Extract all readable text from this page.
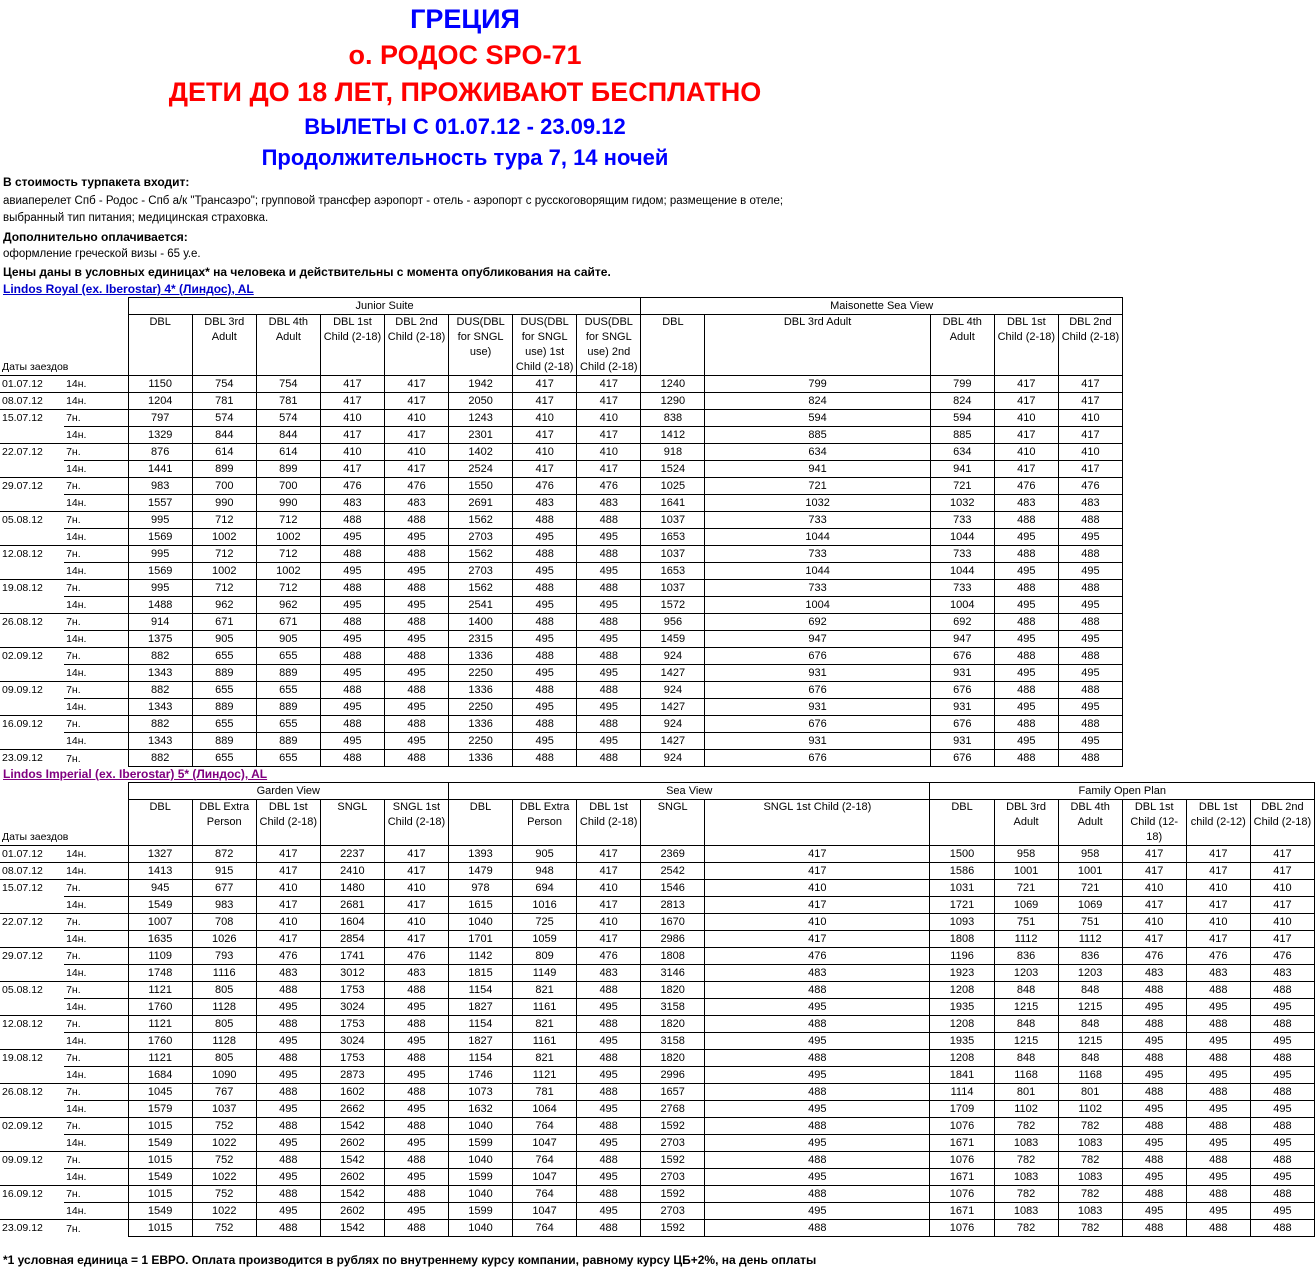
ГРЕЦИЯ
о. РОДОС SPO-71
ДЕТИ ДО 18 ЛЕТ, ПРОЖИВАЮТ БЕСПЛАТНО
ВЫЛЕТЫ С 01.07.12 - 23.09.12
Продолжительность тура 7, 14 ночей
В стоимость турпакета входит:
авиаперелет Спб - Родос - Спб а/к "Трансаэро"; групповой трансфер аэропорт - отель - аэропорт с русскоговорящим гидом; размещение в отеле;
выбранный тип питания; медицинская страховка.
Дополнительно оплачивается:
оформление греческой визы - 65 у.е.
Цены даны в условных единицах* на человека и действительны с момента опубликования на сайте.
Lindos Royal (ex. Iberostar) 4* (Линдос), AL
		Junior Suite								Maisonette Sea View				
Даты заездов		DBL	DBL 3rd Adult	DBL 4th Adult	DBL 1st Child (2-18)	DBL 2nd Child (2-18)	DUS(DBL for SNGL use)	DUS(DBL for SNGL use) 1st Child (2-18)	DUS(DBL for SNGL use) 2nd Child (2-18)	DBL	DBL 3rd Adult	DBL 4th Adult	DBL 1st Child (2-18)	DBL 2nd Child (2-18)
01.07.12	14н.	1150	754	754	417	417	1942	417	417	1240	799	799	417	417
08.07.12	14н.	1204	781	781	417	417	2050	417	417	1290	824	824	417	417
15.07.12	7н.	797	574	574	410	410	1243	410	410	838	594	594	410	410
	14н.	1329	844	844	417	417	2301	417	417	1412	885	885	417	417
22.07.12	7н.	876	614	614	410	410	1402	410	410	918	634	634	410	410
	14н.	1441	899	899	417	417	2524	417	417	1524	941	941	417	417
29.07.12	7н.	983	700	700	476	476	1550	476	476	1025	721	721	476	476
	14н.	1557	990	990	483	483	2691	483	483	1641	1032	1032	483	483
05.08.12	7н.	995	712	712	488	488	1562	488	488	1037	733	733	488	488
	14н.	1569	1002	1002	495	495	2703	495	495	1653	1044	1044	495	495
12.08.12	7н.	995	712	712	488	488	1562	488	488	1037	733	733	488	488
	14н.	1569	1002	1002	495	495	2703	495	495	1653	1044	1044	495	495
19.08.12	7н.	995	712	712	488	488	1562	488	488	1037	733	733	488	488
	14н.	1488	962	962	495	495	2541	495	495	1572	1004	1004	495	495
26.08.12	7н.	914	671	671	488	488	1400	488	488	956	692	692	488	488
	14н.	1375	905	905	495	495	2315	495	495	1459	947	947	495	495
02.09.12	7н.	882	655	655	488	488	1336	488	488	924	676	676	488	488
	14н.	1343	889	889	495	495	2250	495	495	1427	931	931	495	495
09.09.12	7н.	882	655	655	488	488	1336	488	488	924	676	676	488	488
	14н.	1343	889	889	495	495	2250	495	495	1427	931	931	495	495
16.09.12	7н.	882	655	655	488	488	1336	488	488	924	676	676	488	488
	14н.	1343	889	889	495	495	2250	495	495	1427	931	931	495	495
23.09.12	7н.	882	655	655	488	488	1336	488	488	924	676	676	488	488
Lindos Imperial (ex. Iberostar) 5* (Линдос), AL
		Garden View					Sea View					Family Open Plan					
Даты заездов		DBL	DBL Extra Person	DBL 1st Child (2-18)	SNGL	SNGL 1st Child (2-18)	DBL	DBL Extra Person	DBL 1st Child (2-18)	SNGL	SNGL 1st Child (2-18)	DBL	DBL 3rd Adult	DBL 4th Adult	DBL 1st Child (12-18)	DBL 1st child (2-12)	DBL 2nd Child (2-18)
01.07.12	14н.	1327	872	417	2237	417	1393	905	417	2369	417	1500	958	958	417	417	417
08.07.12	14н.	1413	915	417	2410	417	1479	948	417	2542	417	1586	1001	1001	417	417	417
15.07.12	7н.	945	677	410	1480	410	978	694	410	1546	410	1031	721	721	410	410	410
	14н.	1549	983	417	2681	417	1615	1016	417	2813	417	1721	1069	1069	417	417	417
22.07.12	7н.	1007	708	410	1604	410	1040	725	410	1670	410	1093	751	751	410	410	410
	14н.	1635	1026	417	2854	417	1701	1059	417	2986	417	1808	1112	1112	417	417	417
29.07.12	7н.	1109	793	476	1741	476	1142	809	476	1808	476	1196	836	836	476	476	476
	14н.	1748	1116	483	3012	483	1815	1149	483	3146	483	1923	1203	1203	483	483	483
05.08.12	7н.	1121	805	488	1753	488	1154	821	488	1820	488	1208	848	848	488	488	488
	14н.	1760	1128	495	3024	495	1827	1161	495	3158	495	1935	1215	1215	495	495	495
12.08.12	7н.	1121	805	488	1753	488	1154	821	488	1820	488	1208	848	848	488	488	488
	14н.	1760	1128	495	3024	495	1827	1161	495	3158	495	1935	1215	1215	495	495	495
19.08.12	7н.	1121	805	488	1753	488	1154	821	488	1820	488	1208	848	848	488	488	488
	14н.	1684	1090	495	2873	495	1746	1121	495	2996	495	1841	1168	1168	495	495	495
26.08.12	7н.	1045	767	488	1602	488	1073	781	488	1657	488	1114	801	801	488	488	488
	14н.	1579	1037	495	2662	495	1632	1064	495	2768	495	1709	1102	1102	495	495	495
02.09.12	7н.	1015	752	488	1542	488	1040	764	488	1592	488	1076	782	782	488	488	488
	14н.	1549	1022	495	2602	495	1599	1047	495	2703	495	1671	1083	1083	495	495	495
09.09.12	7н.	1015	752	488	1542	488	1040	764	488	1592	488	1076	782	782	488	488	488
	14н.	1549	1022	495	2602	495	1599	1047	495	2703	495	1671	1083	1083	495	495	495
16.09.12	7н.	1015	752	488	1542	488	1040	764	488	1592	488	1076	782	782	488	488	488
	14н.	1549	1022	495	2602	495	1599	1047	495	2703	495	1671	1083	1083	495	495	495
23.09.12	7н.	1015	752	488	1542	488	1040	764	488	1592	488	1076	782	782	488	488	488
*1 условная единица = 1 ЕВРО. Оплата производится в рублях по внутреннему курсу компании, равному курсу ЦБ+2%, на день оплаты
